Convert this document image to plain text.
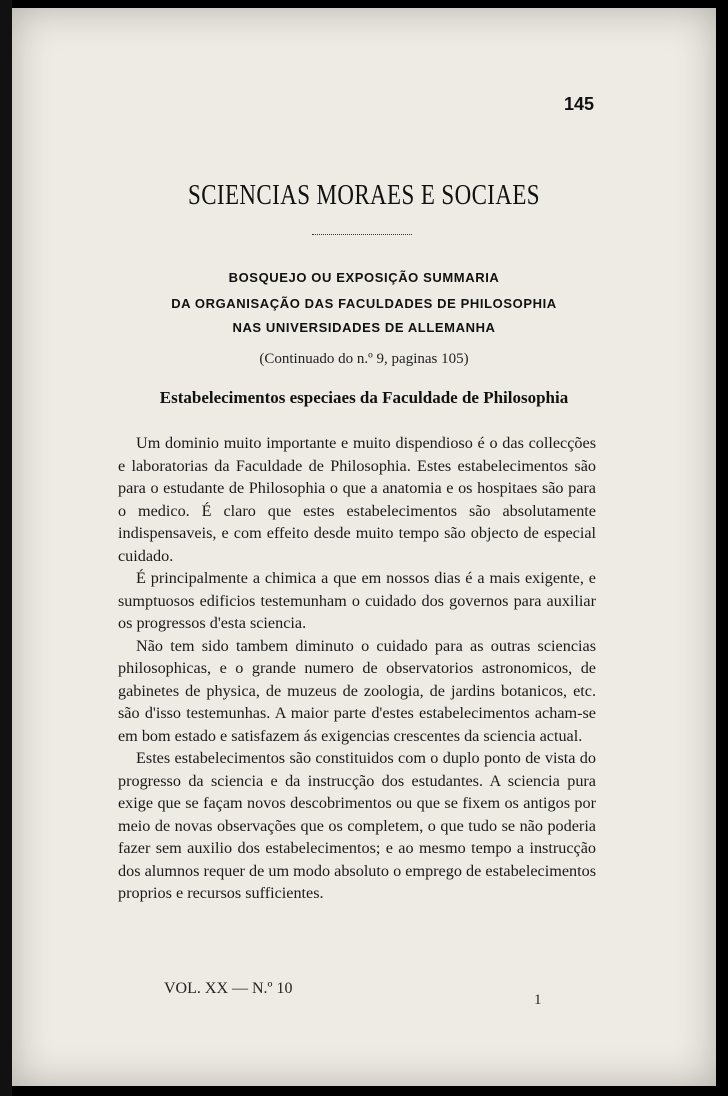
145
SCIENCIAS MORAES E SOCIAES
BOSQUEJO OU EXPOSIÇÃO SUMMARIA
DA ORGANISAÇÃO DAS FACULDADES DE PHILOSOPHIA
NAS UNIVERSIDADES DE ALLEMANHA
(Continuado do n.º 9, paginas 105)
Estabelecimentos especiaes da Faculdade de Philosophia

Um dominio muito importante e muito dispendioso é o das collecções e laboratorias da Faculdade de Philosophia. Estes estabelecimentos são para o estudante de Philosophia o que a anatomia e os hospitaes são para o medico. É claro que estes estabelecimentos são absolutamente indispensaveis, e com effeito desde muito tempo são objecto de especial cuidado.

É principalmente a chimica a que em nossos dias é a mais exigente, e sumptuosos edificios testemunham o cuidado dos governos para auxiliar os progressos d'esta sciencia.

Não tem sido tambem diminuto o cuidado para as outras sciencias philosophicas, e o grande numero de observatorios astronomicos, de gabinetes de physica, de muzeus de zoologia, de jardins botanicos, etc. são d'isso testemunhas. A maior parte d'estes estabelecimentos acham-se em bom estado e satisfazem ás exigencias crescentes da sciencia actual.

Estes estabelecimentos são constituidos com o duplo ponto de vista do progresso da sciencia e da instrucção dos estudantes. A sciencia pura exige que se façam novos descobrimentos ou que se fixem os antigos por meio de novas observações que os completem, o que tudo se não poderia fazer sem auxilio dos estabelecimentos; e ao mesmo tempo a instrucção dos alumnos requer de um modo absoluto o emprego de estabelecimentos proprios e recursos sufficientes.

VOL. XX — N.º 10
1
